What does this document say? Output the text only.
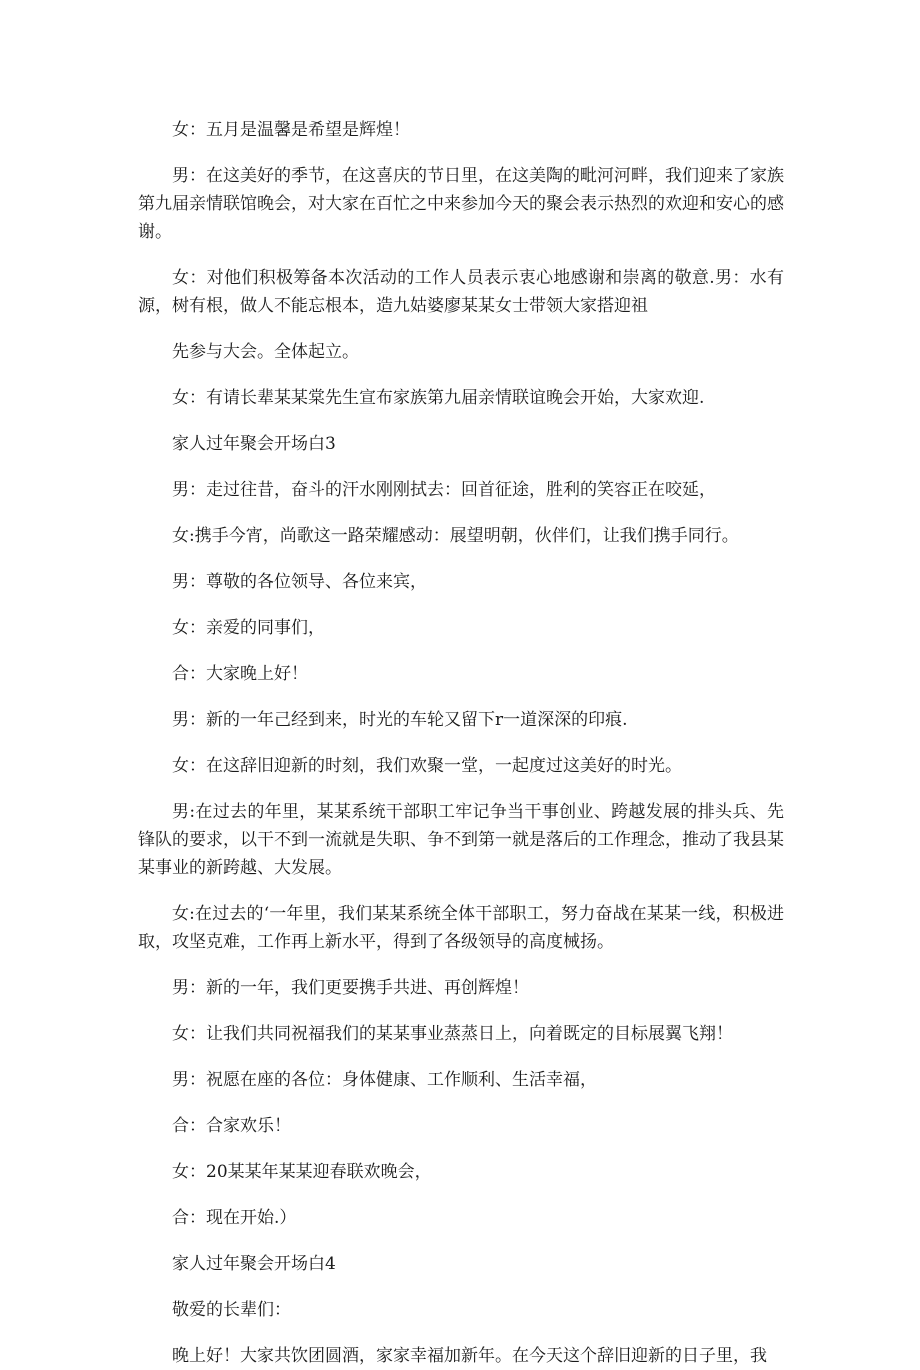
女：五月是温馨是希望是辉煌！

男：在这美好的季节，在这喜庆的节日里，在这美陶的毗河河畔，我们迎来了家族第九届亲情联馆晚会，对大家在百忙之中来参加今天的聚会表示热烈的欢迎和安心的感谢。

女：对他们积极筹备本次活动的工作人员表示衷心地感谢和崇离的敬意.男：水有源，树有根，做人不能忘根本，造九姑婆廖某某女士带领大家搭迎祖

先参与大会。全体起立。

女：有请长辈某某棠先生宣布家族第九届亲情联谊晚会开始，大家欢迎.

家人过年聚会开场白3

男：走过往昔，奋斗的汗水刚刚拭去：回首征途，胜利的笑容正在咬延，

女:携手今宵，尚歌这一路荣耀感动：展望明朝，伙伴们，让我们携手同行。

男：尊敬的各位领导、各位来宾，

女：亲爱的同事们，

合：大家晚上好！

男：新的一年己经到来，时光的车轮又留下r一道深深的印痕.

女：在这辞旧迎新的时刻，我们欢聚一堂，一起度过这美好的时光。

男:在过去的年里，某某系统干部职工牢记争当干事创业、跨越发展的排头兵、先锋队的要求，以干不到一流就是失职、争不到第一就是落后的工作理念，推动了我县某某事业的新跨越、大发展。

女:在过去的‘一年里，我们某某系统全体干部职工，努力奋战在某某一线，积极进取，攻坚克难，工作再上新水平，得到了各级领导的高度械扬。

男：新的一年，我们更要携手共进、再创辉煌！

女：让我们共同祝福我们的某某事业蒸蒸日上，向着既定的目标展翼飞翔！

男：祝愿在座的各位：身体健康、工作顺利、生活幸福，

合：合家欢乐！

女：20某某年某某迎春联欢晚会，

合：现在开始.）

家人过年聚会开场白4

敬爱的长辈们：

晚上好！大家共饮团圆酒，家家幸福加新年。在今天这个辞旧迎新的日子里，我
